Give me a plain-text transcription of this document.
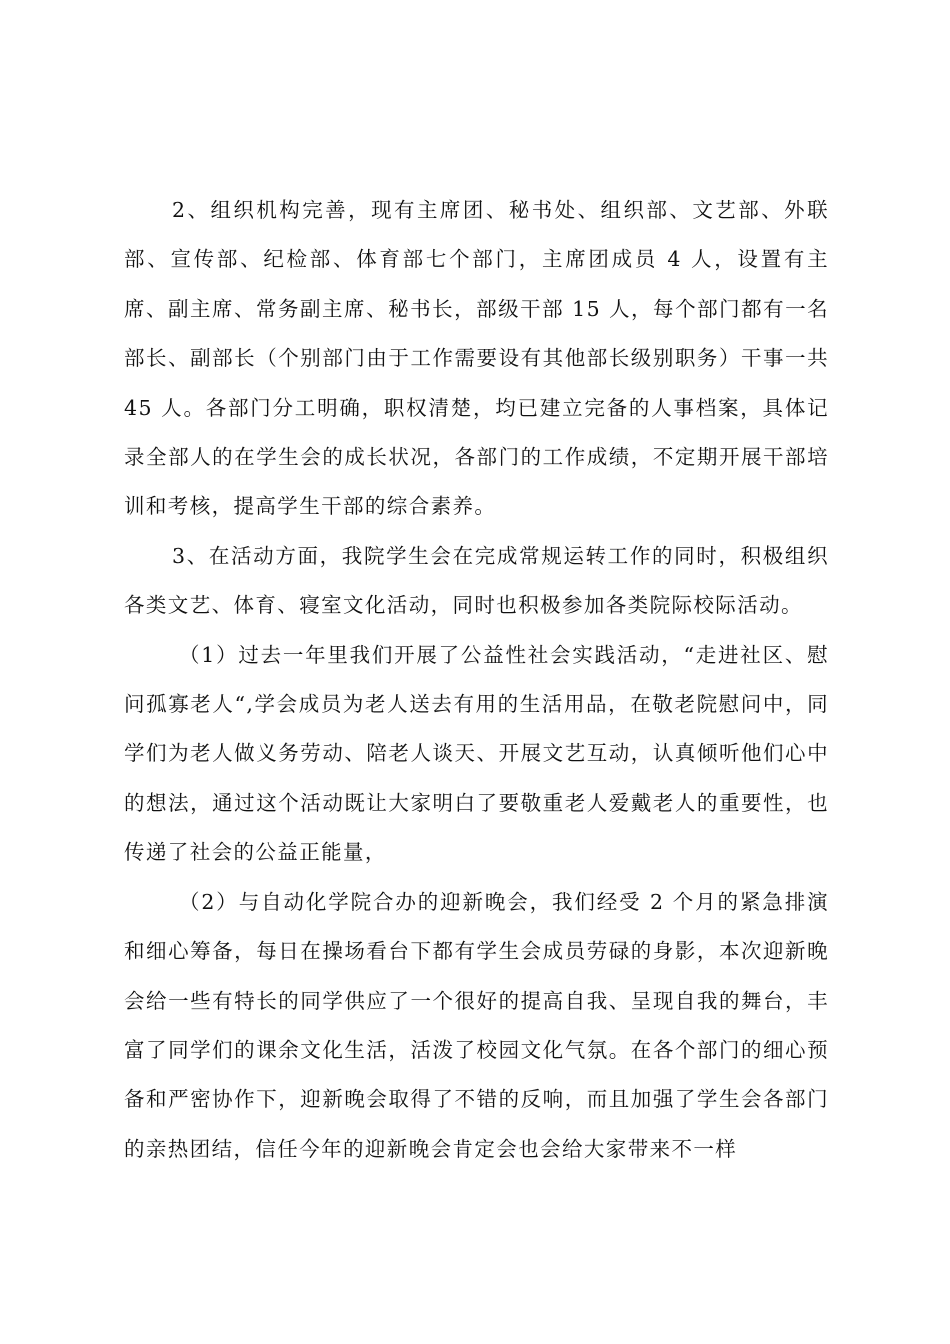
2、组织机构完善，现有主席团、秘书处、组织部、文艺部、外联部、宣传部、纪检部、体育部七个部门，主席团成员 4 人，设置有主席、副主席、常务副主席、秘书长，部级干部 15 人，每个部门都有一名部长、副部长（个别部门由于工作需要设有其他部长级别职务）干事一共 45 人。各部门分工明确，职权清楚，均已建立完备的人事档案，具体记录全部人的在学生会的成长状况，各部门的工作成绩，不定期开展干部培训和考核，提高学生干部的综合素养。

3、在活动方面，我院学生会在完成常规运转工作的同时，积极组织各类文艺、体育、寝室文化活动，同时也积极参加各类院际校际活动。

（1）过去一年里我们开展了公益性社会实践活动，“走进社区、慰问孤寡老人“,学会成员为老人送去有用的生活用品，在敬老院慰问中，同学们为老人做义务劳动、陪老人谈天、开展文艺互动，认真倾听他们心中的想法，通过这个活动既让大家明白了要敬重老人爱戴老人的重要性，也传递了社会的公益正能量，

（2）与自动化学院合办的迎新晚会，我们经受 2 个月的紧急排演和细心筹备，每日在操场看台下都有学生会成员劳碌的身影，本次迎新晚会给一些有特长的同学供应了一个很好的提高自我、呈现自我的舞台，丰富了同学们的课余文化生活，活泼了校园文化气氛。在各个部门的细心预备和严密协作下，迎新晚会取得了不错的反响，而且加强了学生会各部门的亲热团结，信任今年的迎新晚会肯定会也会给大家带来不一样
